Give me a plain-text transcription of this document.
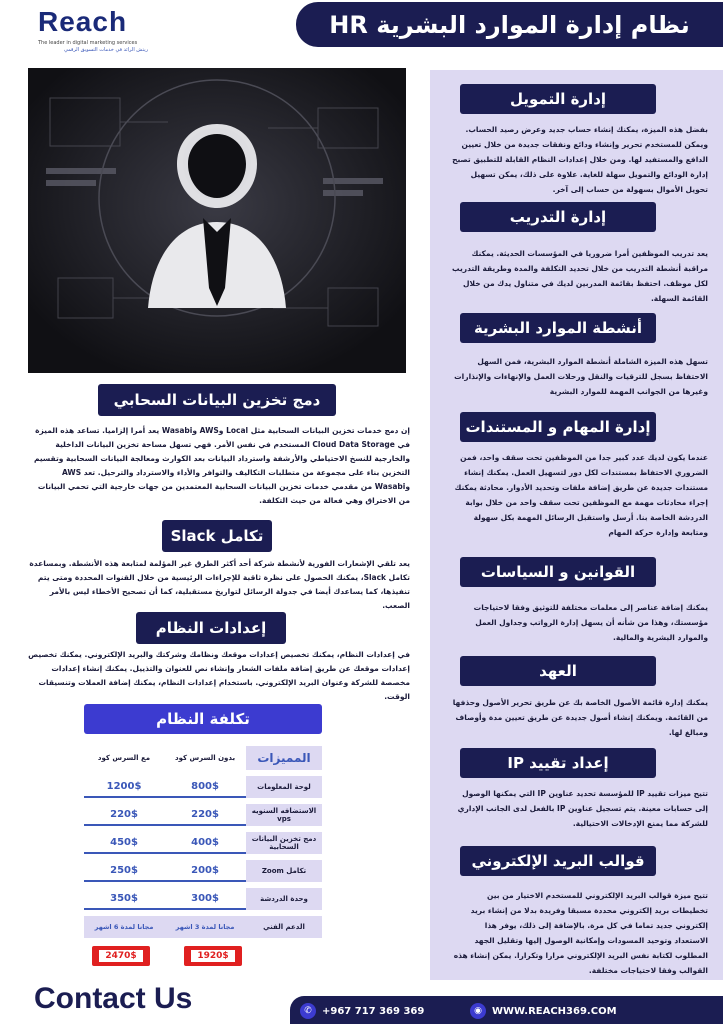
Reach
The leader in digital marketing services
ريتش الرائد في خدمات التسويق الرقمي
نظام إدارة الموارد البشرية HR
إدارة التمويل
بفضل هذه الميزة، يمكنك إنشاء حساب جديد وعرض رصيد الحساب. ويمكن للمستخدم تحرير وإنشاء ودائع ونفقات جديدة من خلال تعيين الدافع والمستفيد لها. ومن خلال إعدادات النظام القابلة للتطبيق تصبح إدارة الودائع والتمويل سهلة للغاية. علاوة على ذلك، يمكن تسهيل تحويل الأموال بسهولة من حساب إلى آخر.
إدارة التدريب
يعد تدريب الموظفين أمرا ضروريا في المؤسسات الحديثة. يمكنك مراقبة أنشطة التدريب من خلال تحديد التكلفة والمدة وطريقة التدريب لكل موظف. احتفظ بقائمة المدربين لديك في متناول يدك من خلال القائمة السهلة.
أنشطة الموارد البشرية
تسهل هذه الميزة الشاملة أنشطة الموارد البشرية، فمن السهل الاحتفاظ بسجل للترقيات والنقل ورحلات العمل والإنهاءات والإنذارات وغيرها من الجوانب المهمة للموارد البشرية
إدارة المهام و المستندات
عندما يكون لديك عدد كبير جدا من الموظفين تحت سقف واحد، فمن الضروري الاحتفاظ بمستندات لكل دور لتسهيل العمل. يمكنك إنشاء مستندات جديدة عن طريق إضافة ملفات وتحديد الأدوار. محادثة يمكنك إجراء محادثات مهمة مع الموظفين تحت سقف واحد من خلال بوابة الدردشة الخاصة بنا. أرسل واستقبل الرسائل المهمة بكل سهولة ومتابعة وإدارة حركة المهام
القوانين و السياسات
يمكنك إضافة عناصر إلى معلمات مختلفة للتوثيق وفقا لاحتياجات مؤسستك، وهذا من شأنه أن يسهل إدارة الرواتب وجداول العمل والموارد البشرية والمالية.
العهد
يمكنك إدارة قائمة الأصول الخاصة بك عن طريق تحرير الأصول وحذفها من القائمة. ويمكنك إنشاء أصول جديدة عن طريق تعيين مدة وأوصاف ومبالغ لها.
إعداد تقييد IP
تتيح ميزات تقييد IP للمؤسسة تحديد عناوين IP التي يمكنها الوصول إلى حسابات معينة. يتم تسجيل عناوين IP بالفعل لدى الجانب الإداري للشركة مما يمنع الإدخالات الاحتيالية.
قوالب البريد الإلكتروني
تتيح ميزة قوالب البريد الإلكتروني للمستخدم الاختيار من بين تخطيطات بريد إلكتروني محددة مسبقا وفريدة بدلا من إنشاء بريد إلكتروني جديد تماما في كل مرة. بالإضافة إلى ذلك، يوفر هذا الاستعداد وتوحيد المسودات وإمكانية الوصول إليها وتقليل الجهد المطلوب لكتابة نفس البريد الإلكتروني مرارا وتكرارا. يمكن إنشاء هذه القوالب وفقا لاحتياجات مختلفة.
دمج تخزين البيانات السحابي
إن دمج خدمات تخزين البيانات السحابية مثل Local وAWS وWasabi يعد أمرا إلزاميا. تساعد هذه الميزة في Cloud Data Storage المستخدم في نفس الأمر. فهي تسهل مساحة تخزين البيانات الداخلية والخارجية للنسخ الاحتياطي والأرشفة واسترداد البيانات بعد الكوارث ومعالجة البيانات السحابية وتقسيم التخزين بناء على مجموعة من متطلبات التكاليف والتوافر والأداء والاسترداد والترحيل. تعد AWS وWasabi من مقدمي خدمات تخزين البيانات السحابية المعتمدين من جهات خارجية التي تحمي البيانات من الاختراق وهي فعالة من حيث التكلفة.
تكامل Slack
يعد تلقي الإشعارات الفورية لأنشطة شركة أحد أكثر الطرق غير المؤلمة لمتابعة هذه الأنشطة. وبمساعدة تكامل Slack، يمكنك الحصول على نظرة ثاقبة للإجراءات الرئيسية من خلال القنوات المحددة ومتى يتم تنفيذها، كما يساعدك أيضا في جدولة الرسائل لتواريخ مستقبلية، كما أن تصحيح الأخطاء ليس بالأمر الصعب.
إعدادات النظام
في إعدادات النظام، يمكنك تخصيص إعدادات موقعك ونظامك وشركتك والبريد الإلكتروني. يمكنك تخصيص إعدادات موقعك عن طريق إضافة ملفات الشعار وإنشاء نص للعنوان والتذييل. يمكنك إنشاء إعدادات مخصصة للشركة وعنوان البريد الإلكتروني. باستخدام إعدادات النظام، يمكنك إضافة العملات وتنسيقات الوقت.
تكلفة النظام
المميزات	بدون السرس كود	مع السرس كود
لوحة المعلومات	800$	1200$
الاستضافه السنويه vps	220$	220$
دمج تخزين البيانات السحابية	400$	450$
تكامل Zoom	200$	250$
وحدة الدردشة	300$	350$
الدعم الفني	مجانا لمدة 3 اشهر	مجانا لمدة 6 اشهر
1920$
2470$
Contact Us	✆	+967 717 369 369	◉	WWW.REACH369.COM
